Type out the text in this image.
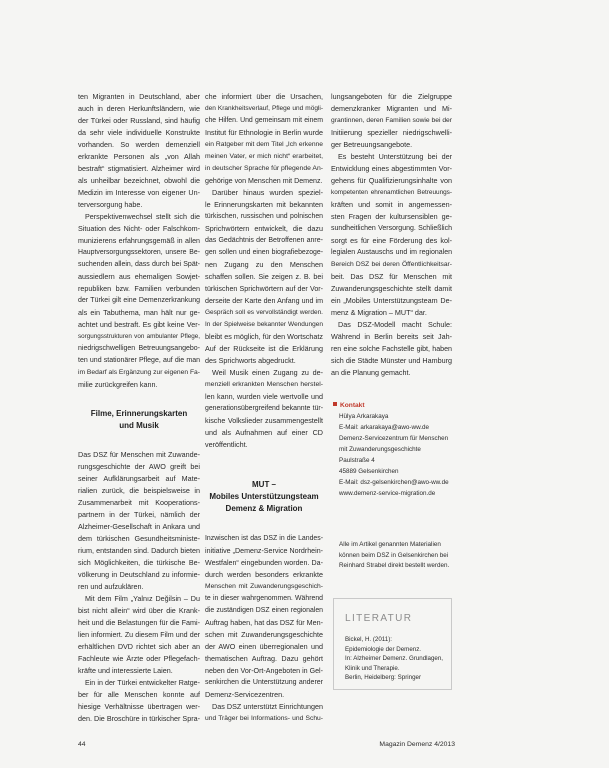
ten Migranten in Deutschland, aber
auch in deren Herkunftsländern, wie
der Türkei oder Russland, sind häufig
da sehr viele individuelle Konstrukte
vorhanden. So werden demenziell
erkrankte Personen als „von Allah
bestraft“ stigmatisiert. Alzheimer wird
als unheilbar bezeichnet, obwohl die
Medizin im Interesse von eigener Un-
terversorgung habe.
Perspektivenwechsel stellt sich die
Situation des Nicht- oder Falschkom-
munizierens erfahrungsgemäß in allen
Hauptversorgungssektoren, unsere Be-
suchenden allein, dass durch bei Spät-
aussiedlern aus ehemaligen Sowjet-
republiken bzw. Familien verbunden
der Türkei gilt eine Demenzerkrankung
als ein Tabuthema, man hält nur ge-
achtet und bestraft. Es gibt keine Ver-
sorgungsstrukturen von ambulanter Pflege,
niedrigschwelligen Betreuungsangebo-
ten und stationärer Pflege, auf die man
im Bedarf als Ergänzung zur eigenen Fa-
milie zurückgreifen kann.
Filme, Erinnerungskarten
und Musik
Das DSZ für Menschen mit Zuwande-
rungsgeschichte der AWO greift bei
seiner Aufklärungsarbeit auf Mate-
rialien zurück, die beispielsweise in
Zusammenarbeit mit Kooperations-
partnern in der Türkei, nämlich der
Alzheimer-Gesellschaft in Ankara und
dem türkischen Gesundheitsministe-
rium, entstanden sind. Dadurch bieten
sich Möglichkeiten, die türkische Be-
völkerung in Deutschland zu informie-
ren und aufzuklären.
Mit dem Film „Yalnız Değilsin – Du
bist nicht allein“ wird über die Krank-
heit und die Belastungen für die Fami-
lien informiert. Zu diesem Film und der
erhältlichen DVD richtet sich aber an
Fachleute wie Ärzte oder Pflegefach-
kräfte und interessierte Laien.
Ein in der Türkei entwickelter Ratge-
ber für alle Menschen konnte auf
hiesige Verhältnisse übertragen wer-
den. Die Broschüre in türkischer Spra-
che informiert über die Ursachen,
den Krankheitsverlauf, Pflege und mögli-
che Hilfen. Und gemeinsam mit einem
Institut für Ethnologie in Berlin wurde
ein Ratgeber mit dem Titel „Ich erkenne
meinen Vater, er mich nicht“ erarbeitet,
in deutscher Sprache für pflegende An-
gehörige von Menschen mit Demenz.
Darüber hinaus wurden speziel-
le Erinnerungskarten mit bekannten
türkischen, russischen und polnischen
Sprichwörtern entwickelt, die dazu
das Gedächtnis der Betroffenen anre-
gen sollen und einen biografiebezoge-
nen Zugang zu den Menschen
schaffen sollen. Sie zeigen z. B. bei
türkischen Sprichwörtern auf der Vor-
derseite der Karte den Anfang und im
Gespräch soll es vervollständigt werden.
In der Spielweise bekannter Wendungen
bleibt es möglich, für den Wortschatz
Auf der Rückseite ist die Erklärung
des Sprichworts abgedruckt.
Weil Musik einen Zugang zu de-
menziell erkrankten Menschen herstel-
len kann, wurden viele wertvolle und
generationsübergreifend bekannte tür-
kische Volkslieder zusammengestellt
und als Aufnahmen auf einer CD
veröffentlicht.
MUT –
Mobiles Unterstützungsteam
Demenz & Migration
Inzwischen ist das DSZ in die Landes-
initiative „Demenz-Service Nordrhein-
Westfalen“ eingebunden worden. Da-
durch werden besonders erkrankte
Menschen mit Zuwanderungsgeschich-
te in dieser wahrgenommen. Während
die zuständigen DSZ einen regionalen
Auftrag haben, hat das DSZ für Men-
schen mit Zuwanderungsgeschichte
der AWO einen überregionalen und
thematischen Auftrag. Dazu gehört
neben den Vor-Ort-Angeboten in Gel-
senkirchen die Unterstützung anderer
Demenz-Servicezentren.
Das DSZ unterstützt Einrichtungen
und Träger bei Informations- und Schu-
lungsangeboten für die Zielgruppe
demenzkranker Migranten und Mi-
grantinnen, deren Familien sowie bei der
Initiierung spezieller niedrigschwelli-
ger Betreuungsangebote.
Es besteht Unterstützung bei der
Entwicklung eines abgestimmten Vor-
gehens für Qualifizierungsinhalte von
kompetenten ehrenamtlichen Betreuungs-
kräften und somit in angemessen-
sten Fragen der kultursensiblen ge-
sundheitlichen Versorgung. Schließlich
sorgt es für eine Förderung des kol-
legialen Austauschs und im regionalen
Bereich DSZ bei deren Öffentlichkeitsar-
beit. Das DSZ für Menschen mit
Zuwanderungsgeschichte stellt damit
ein „Mobiles Unterstützungsteam De-
menz & Migration – MUT“ dar.
Das DSZ-Modell macht Schule:
Während in Berlin bereits seit Jah-
ren eine solche Fachstelle gibt, haben
sich die Städte Münster und Hamburg
an die Planung gemacht.
Kontakt
Hülya Arkarakaya
E-Mail: arkarakaya@awo-ww.de
Demenz-Servicezentrum für Menschen
mit Zuwanderungsgeschichte
Paulstraße 4
45889 Gelsenkirchen
E-Mail: dsz-gelsenkirchen@awo-ww.de
www.demenz-service-migration.de
Alle im Artikel genannten Materialien
können beim DSZ in Gelsenkirchen bei
Reinhard Strabel direkt bestellt werden.
LITERATUR
Bickel, H. (2011):
Epidemiologie der Demenz.
In: Alzheimer Demenz. Grundlagen,
Klinik und Therapie.
Berlin, Heidelberg: Springer
44	Magazin Demenz 4/2013
